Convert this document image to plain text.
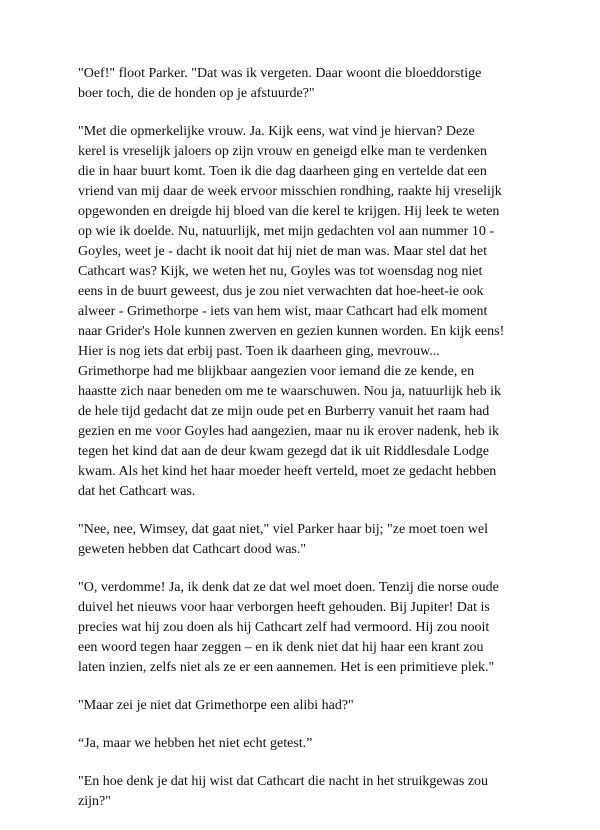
"Oef!" floot Parker. "Dat was ik vergeten. Daar woont die bloeddorstige
boer toch, die de honden op je afstuurde?"

"Met die opmerkelijke vrouw. Ja. Kijk eens, wat vind je hiervan? Deze
kerel is vreselijk jaloers op zijn vrouw en geneigd elke man te verdenken
die in haar buurt komt. Toen ik die dag daarheen ging en vertelde dat een
vriend van mij daar de week ervoor misschien rondhing, raakte hij vreselijk
opgewonden en dreigde hij bloed van die kerel te krijgen. Hij leek te weten
op wie ik doelde. Nu, natuurlijk, met mijn gedachten vol aan nummer 10 -
Goyles, weet je - dacht ik nooit dat hij niet de man was. Maar stel dat het
Cathcart was? Kijk, we weten het nu, Goyles was tot woensdag nog niet
eens in de buurt geweest, dus je zou niet verwachten dat hoe-heet-ie ook
alweer - Grimethorpe - iets van hem wist, maar Cathcart had elk moment
naar Grider's Hole kunnen zwerven en gezien kunnen worden. En kijk eens!
Hier is nog iets dat erbij past. Toen ik daarheen ging, mevrouw...
Grimethorpe had me blijkbaar aangezien voor iemand die ze kende, en
haastte zich naar beneden om me te waarschuwen. Nou ja, natuurlijk heb ik
de hele tijd gedacht dat ze mijn oude pet en Burberry vanuit het raam had
gezien en me voor Goyles had aangezien, maar nu ik erover nadenk, heb ik
tegen het kind dat aan de deur kwam gezegd dat ik uit Riddlesdale Lodge
kwam. Als het kind het haar moeder heeft verteld, moet ze gedacht hebben
dat het Cathcart was.

"Nee, nee, Wimsey, dat gaat niet," viel Parker haar bij; "ze moet toen wel
geweten hebben dat Cathcart dood was."

"O, verdomme! Ja, ik denk dat ze dat wel moet doen. Tenzij die norse oude
duivel het nieuws voor haar verborgen heeft gehouden. Bij Jupiter! Dat is
precies wat hij zou doen als hij Cathcart zelf had vermoord. Hij zou nooit
een woord tegen haar zeggen – en ik denk niet dat hij haar een krant zou
laten inzien, zelfs niet als ze er een aannemen. Het is een primitieve plek."

"Maar zei je niet dat Grimethorpe een alibi had?"

“Ja, maar we hebben het niet echt getest.”

"En hoe denk je dat hij wist dat Cathcart die nacht in het struikgewas zou
zijn?"
